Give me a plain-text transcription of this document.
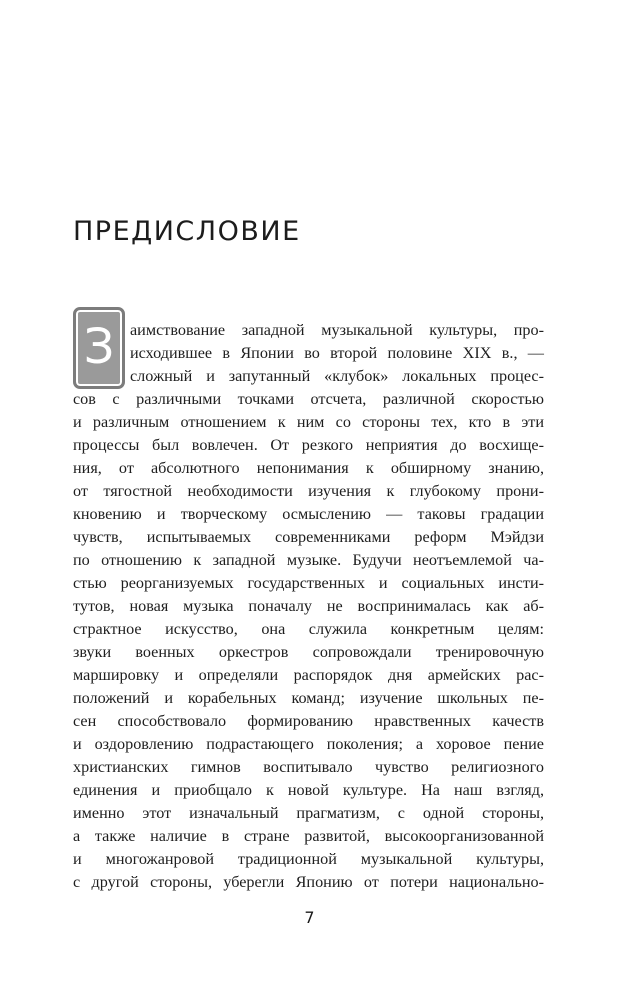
ПРЕДИСЛОВИЕ
З аимствование западной музыкальной культуры, про-
исходившее в Японии во второй половине XIX в., —
сложный и запутанный «клубок» локальных процес-
сов с различными точками отсчета, различной скоростью
и различным отношением к ним со стороны тех, кто в эти
процессы был вовлечен. От резкого неприятия до восхище-
ния, от абсолютного непонимания к обширному знанию,
от тягостной необходимости изучения к глубокому прони-
кновению и творческому осмыслению — таковы градации
чувств, испытываемых современниками реформ Мэйдзи
по отношению к западной музыке. Будучи неотъемлемой ча-
стью реорганизуемых государственных и социальных инсти-
тутов, новая музыка поначалу не воспринималась как аб-
страктное искусство, она служила конкретным целям:
звуки военных оркестров сопровождали тренировочную
маршировку и определяли распорядок дня армейских рас-
положений и корабельных команд; изучение школьных пе-
сен способствовало формированию нравственных качеств
и оздоровлению подрастающего поколения; а хоровое пение
христианских гимнов воспитывало чувство религиозного
единения и приобщало к новой культуре. На наш взгляд,
именно этот изначальный прагматизм, с одной стороны,
а также наличие в стране развитой, высокоорганизованной
и многожанровой традиционной музыкальной культуры,
с другой стороны, уберегли Японию от потери национально-
7
